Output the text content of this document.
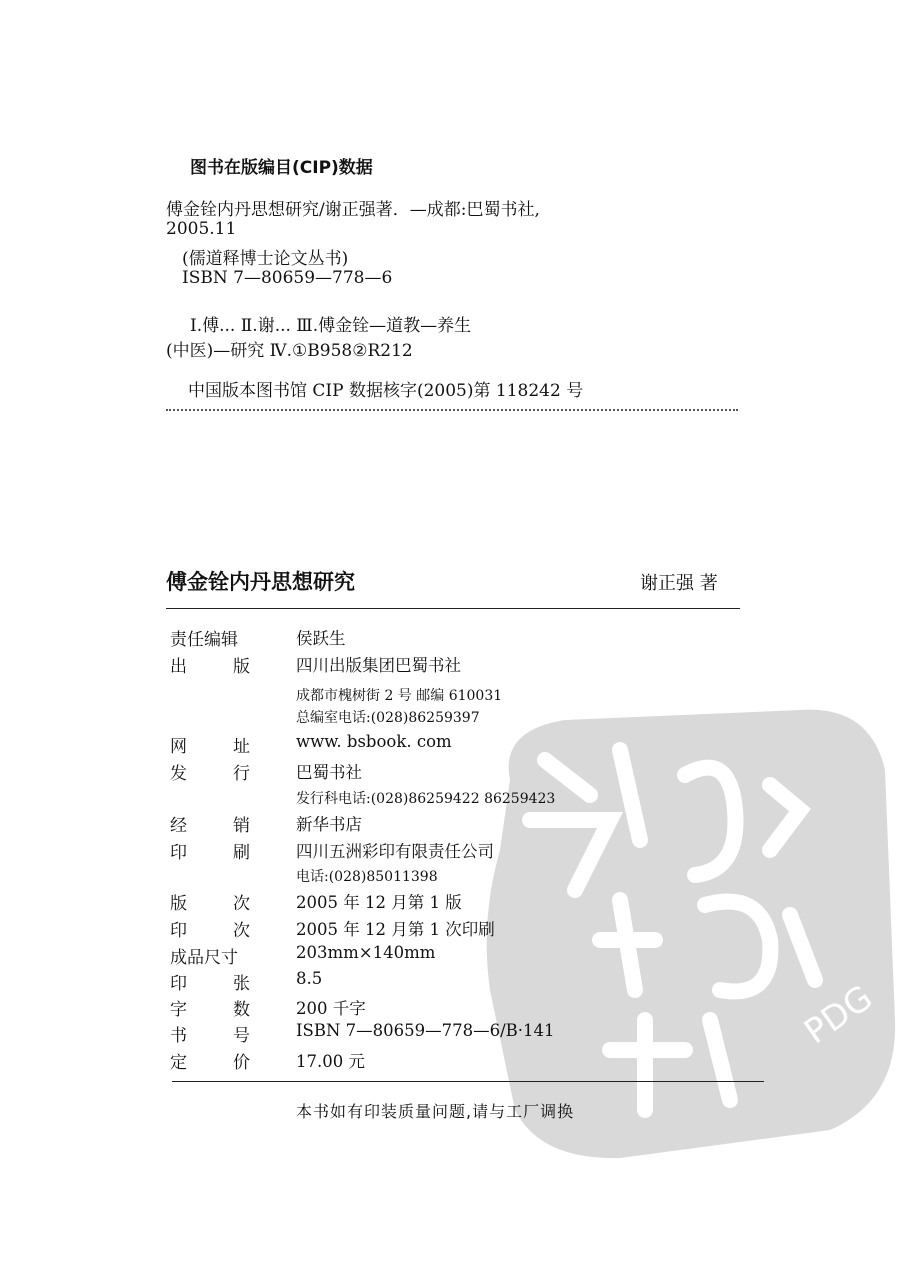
图书在版编目(CIP)数据
傅金铨内丹思想研究/谢正强著．—成都:巴蜀书社,
2005.11
(儒道释博士论文丛书)
ISBN 7—80659—778—6
Ⅰ.傅... Ⅱ.谢... Ⅲ.傅金铨—道教—养生
(中医)—研究 Ⅳ.①B958②R212
中国版本图书馆 CIP 数据核字(2005)第 118242 号
PDG
傅金铨内丹思想研究	谢正强 著
责任编辑	侯跃生
出	版	四川出版集团巴蜀书社
成都市槐树街 2 号 邮编 610031
总编室电话:(028)86259397
网	址	www. bsbook. com
发	行	巴蜀书社
发行科电话:(028)86259422 86259423
经	销	新华书店
印	刷	四川五洲彩印有限责任公司
电话:(028)85011398
版	次	2005 年 12 月第 1 版
印	次	2005 年 12 月第 1 次印刷
成品尺寸	203mm×140mm
印	张	8.5
字	数	200 千字
书	号	ISBN 7—80659—778—6/B·141
定	价	17.00 元
本书如有印装质量问题,请与工厂调换
